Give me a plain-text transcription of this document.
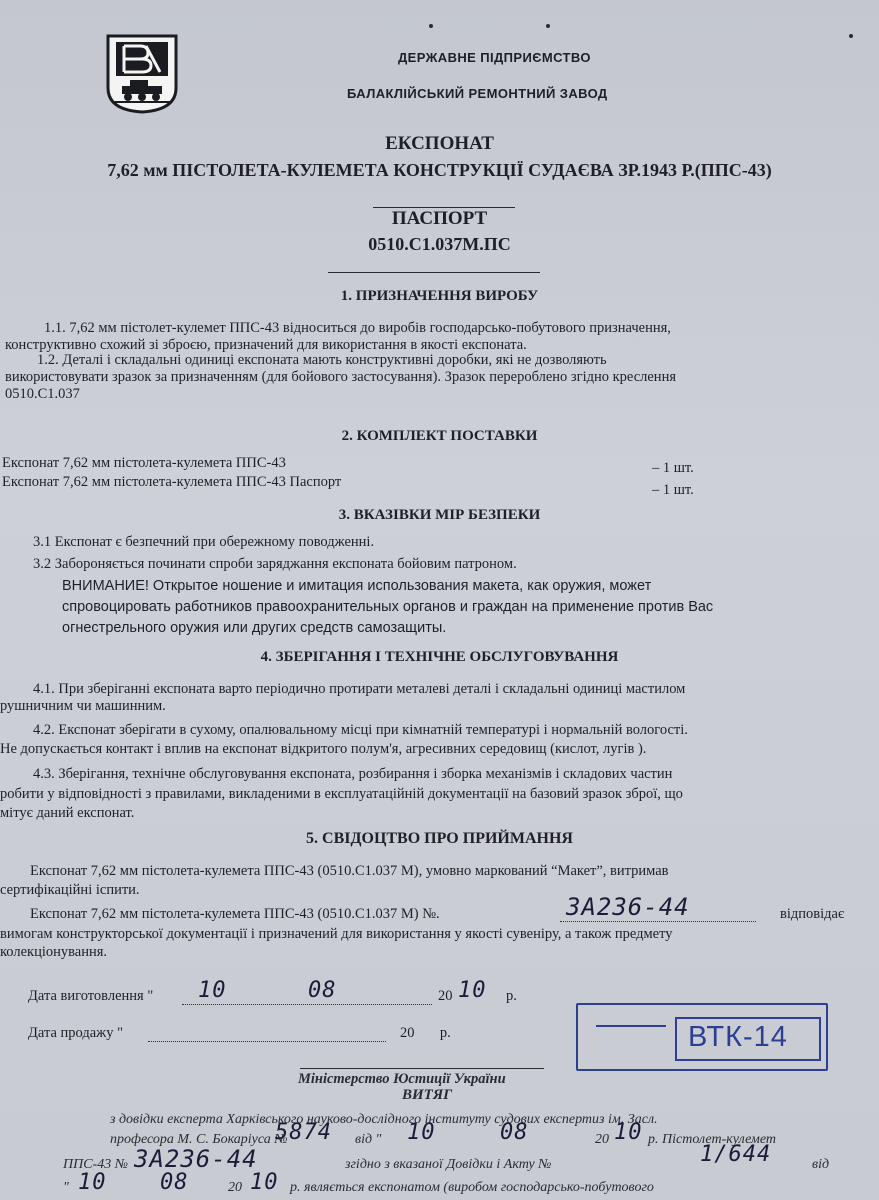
ДЕРЖАВНЕ ПІДПРИЄМСТВО
БАЛАКЛІЙСЬКИЙ РЕМОНТНИЙ ЗАВОД
ЕКСПОНАТ
7,62 мм ПІСТОЛЕТА-КУЛЕМЕТА КОНСТРУКЦІЇ СУДАЄВА ЗР.1943 Р.(ППС-43)
ПАСПОРТ
0510.С1.037М.ПС
1. ПРИЗНАЧЕННЯ ВИРОБУ
1.1. 7,62 мм пістолет-кулемет ППС-43 відноситься до виробів господарсько-побутового призначення,
конструктивно схожий зі зброєю, призначений для використання в якості експоната.
1.2. Деталі і складальні одиниці експоната мають конструктивні доробки, які не дозволяють
використовувати зразок за призначенням (для бойового застосування). Зразок перероблено згідно креслення
0510.С1.037
2. КОМПЛЕКТ ПОСТАВКИ
Експонат 7,62 мм пістолета-кулемета ППС-43	– 1 шт.
Експонат 7,62 мм пістолета-кулемета ППС-43 Паспорт	– 1 шт.
3. ВКАЗІВКИ МІР БЕЗПЕКИ
3.1 Експонат є безпечний при обережному поводженні.
3.2 Забороняється починати спроби заряджання експоната бойовим патроном.
ВНИМАНИЕ! Открытое ношение и имитация использования макета, как оружия, может
спровоцировать работников правоохранительных органов и граждан на применение против Вас
огнестрельного оружия или других средств самозащиты.
4. ЗБЕРІГАННЯ І ТЕХНІЧНЕ ОБСЛУГОВУВАННЯ
4.1. При зберіганні експоната варто періодично протирати металеві деталі і складальні одиниці мастилом
рушничним чи машинним.
4.2. Експонат зберігати в сухому, опалювальному місці при кімнатній температурі і нормальній вологості.
Не допускається контакт і вплив на експонат відкритого полум'я, агресивних середовищ (кислот, лугів ).
4.3. Зберігання, технічне обслуговування експоната, розбирання і зборка механізмів і складових частин
робити у відповідності з правилами, викладеними в експлуатаційній документації на базовий зразок зброї, що
мітує даний експонат.
5. СВІДОЦТВО ПРО ПРИЙМАННЯ
Експонат 7,62 мм пістолета-кулемета ППС-43 (0510.С1.037 М), умовно маркований “Макет”, витримав
сертифікаційні іспити.
Експонат 7,62 мм пістолета-кулемета ППС-43 (0510.С1.037 М) №.	3А236-44	відповідає
вимогам конструкторської документації і призначений для використання у якості сувеніру, а також предмету
колекціонування.
Дата виготовлення " 10	08	20 10 р.
Дата продажу "	20       р.	ВТК-14
Міністерство Юстиції України
ВИТЯГ
з довідки експерта Харківського науково-дослідного інституту судових експертиз ім. Засл.
професора М. С. Бокаріуса №
5874 від " 10	08	20 10 р. Пістолет-кулемет
ППС-43 № 3А236-44	згідно з вказаної Довідки і Акту №	1/644	від
" 10 08	20 10 р. являється експонатом (виробом господарсько-побутового
